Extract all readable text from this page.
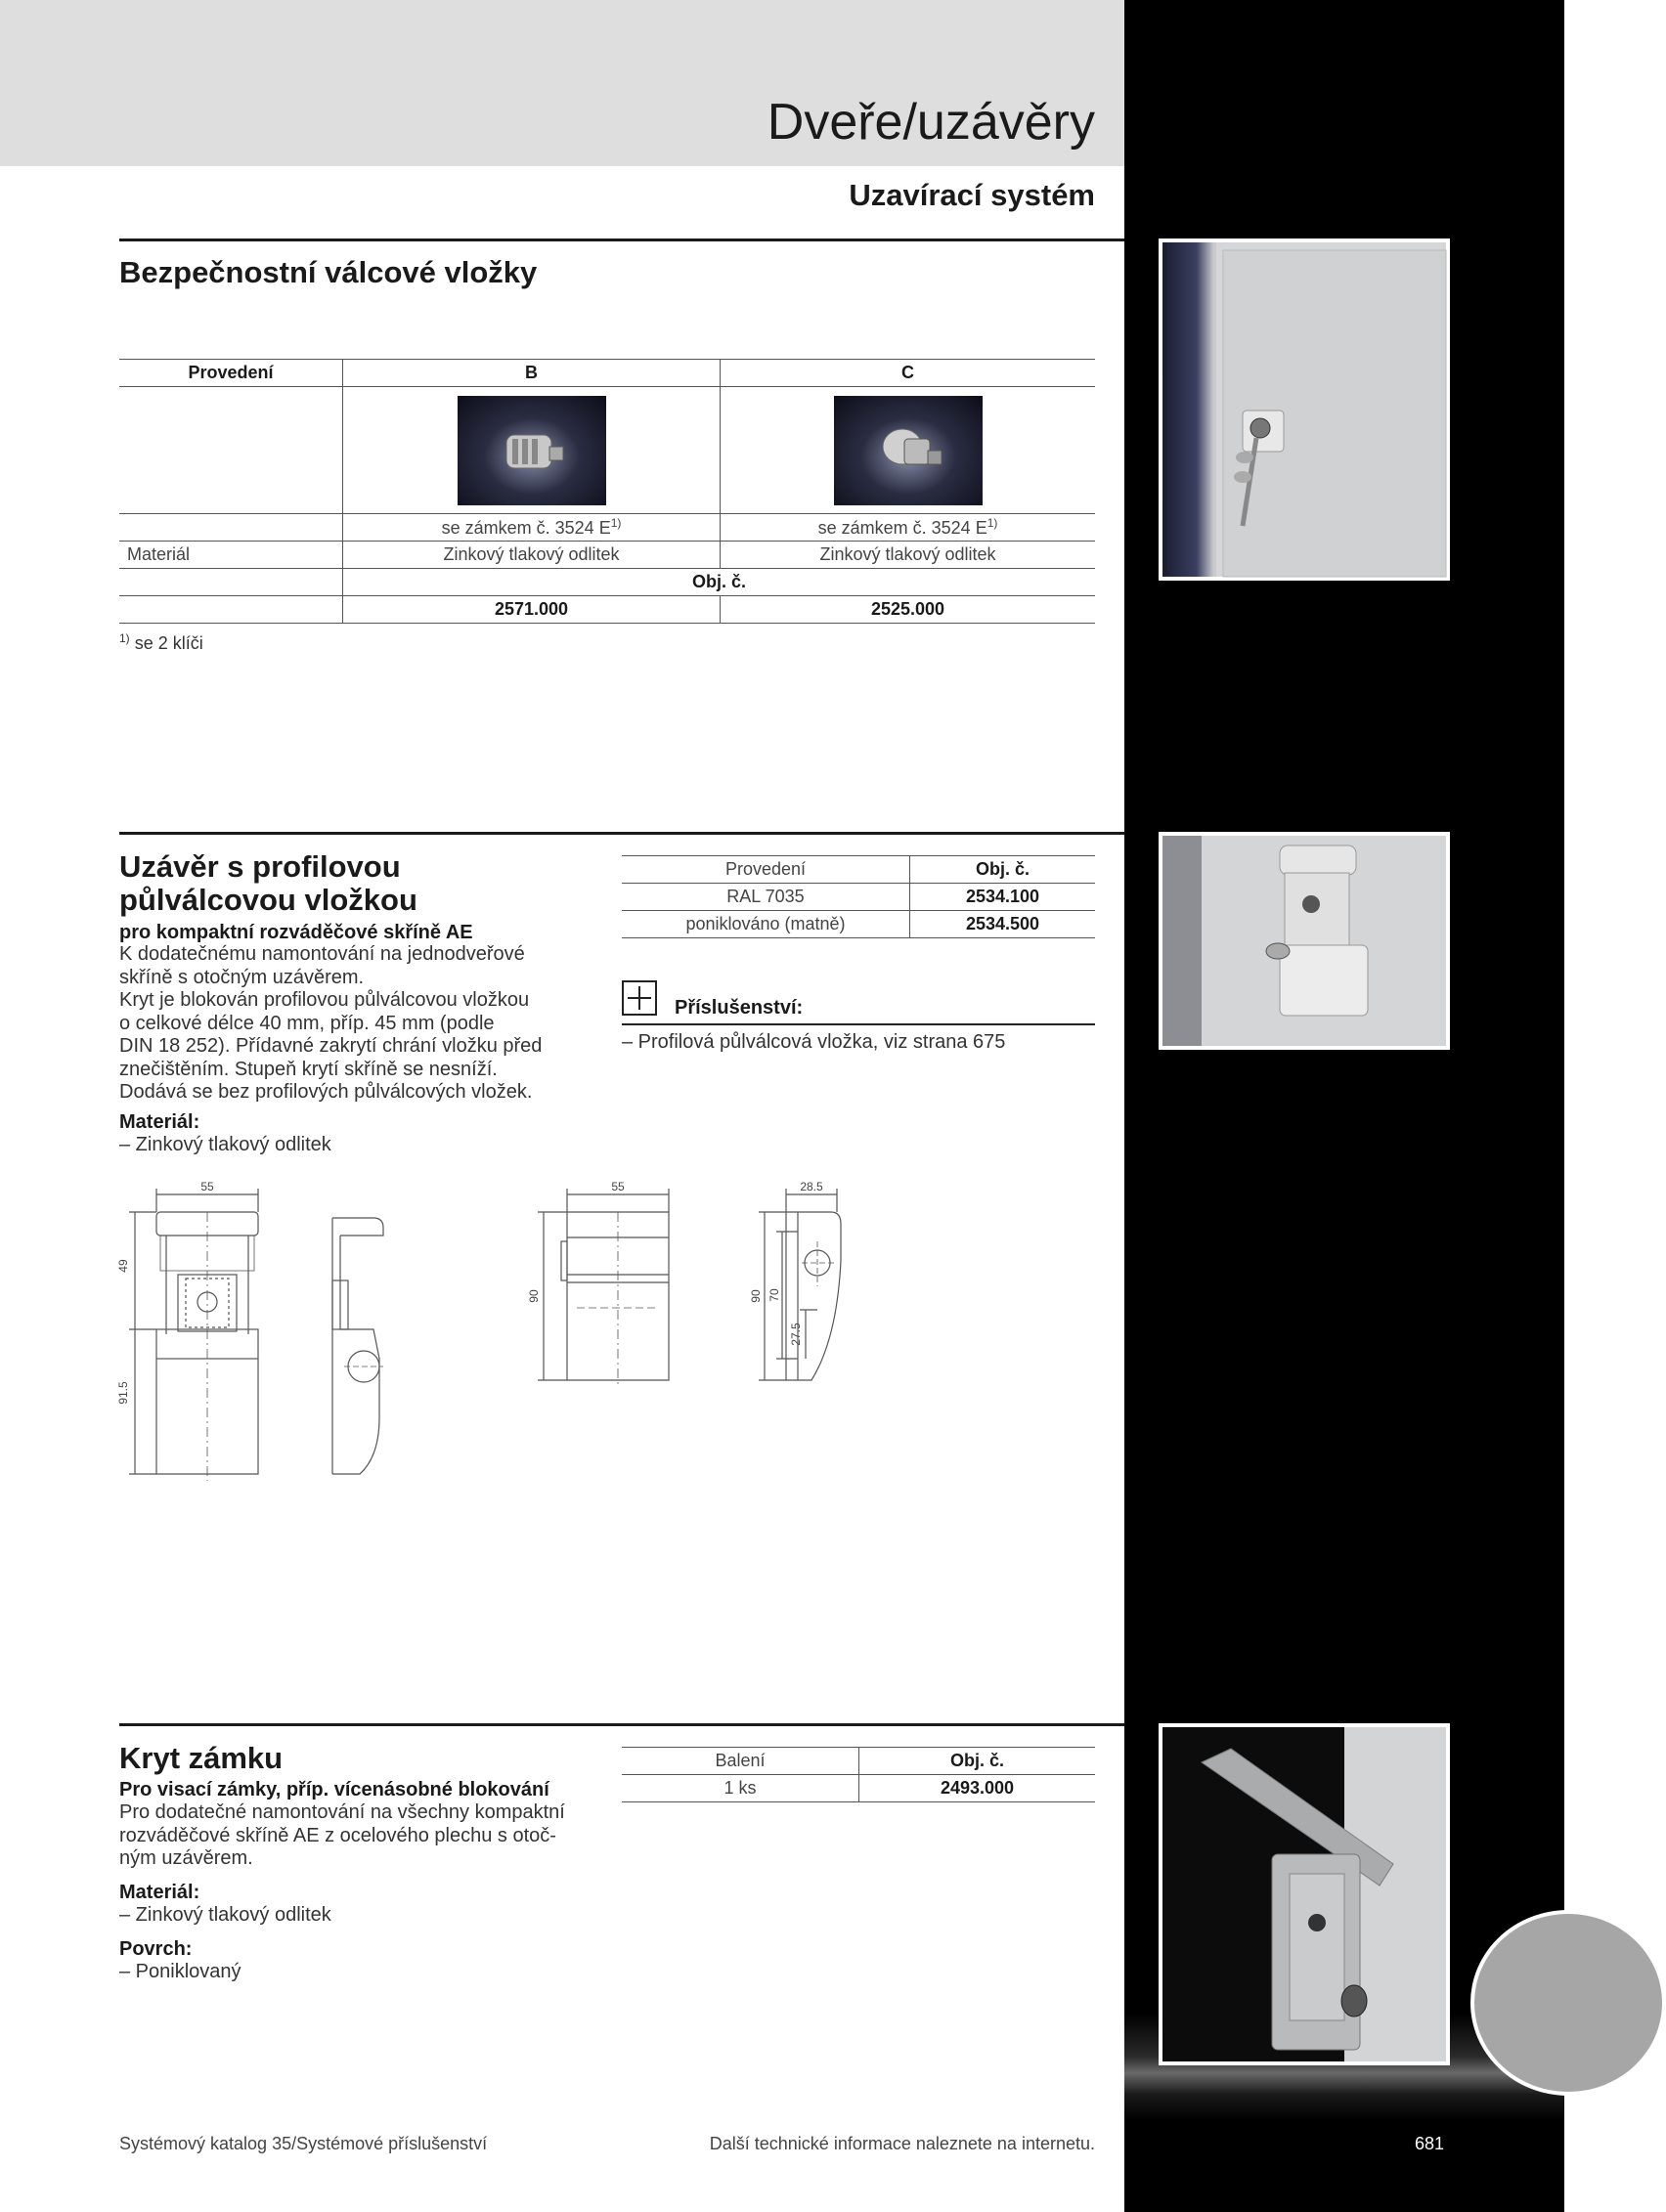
Dveře/uzávěry
Uzavírací systém
Bezpečnostní válcové vložky
Provedení	B	C

	se zámkem č. 3524 $E^{1)}$	se zámkem č. 3524 $E^{1)}$
Materiál	Zinkový tlakový odlitek	Zinkový tlakový odlitek
	Obj. č.	
	2571.000	2525.000
$^{1)}$ se 2 klíči
Uzávěr s profilovou
půlválcovou vložkou
pro kompaktní rozváděčové skříně AE
K dodatečnému namontování na jednodveřové
skříně s otočným uzávěrem.
Kryt je blokován profilovou půlválcovou vložkou
o celkové délce 40 mm, příp. 45 mm (podle
DIN 18 252). Přídavné zakrytí chrání vložku před
znečištěním. Stupeň krytí skříně se nesníží.
Dodává se bez profilových půlválcových vložek.
Materiál:
– Zinkový tlakový odlitek
Provedení	Obj. č.
RAL 7035	2534.100
poniklováno (matně)	2534.500
Příslušenství:
– Profilová půlválcová vložka, viz strana 675
55
49
91.5
55
90
28.5
90 70
27.5
Kryt zámku
Pro visací zámky, příp. vícenásobné blokování
Pro dodatečné namontování na všechny kompaktní
rozváděčové skříně AE z ocelového plechu s otoč-
ným uzávěrem.
Materiál:
– Zinkový tlakový odlitek
Povrch:
– Poniklovaný
Balení	Obj. č.
1 ks	2493.000
Systémový katalog 35/Systémové příslušenství	Další technické informace naleznete na internetu.	681
